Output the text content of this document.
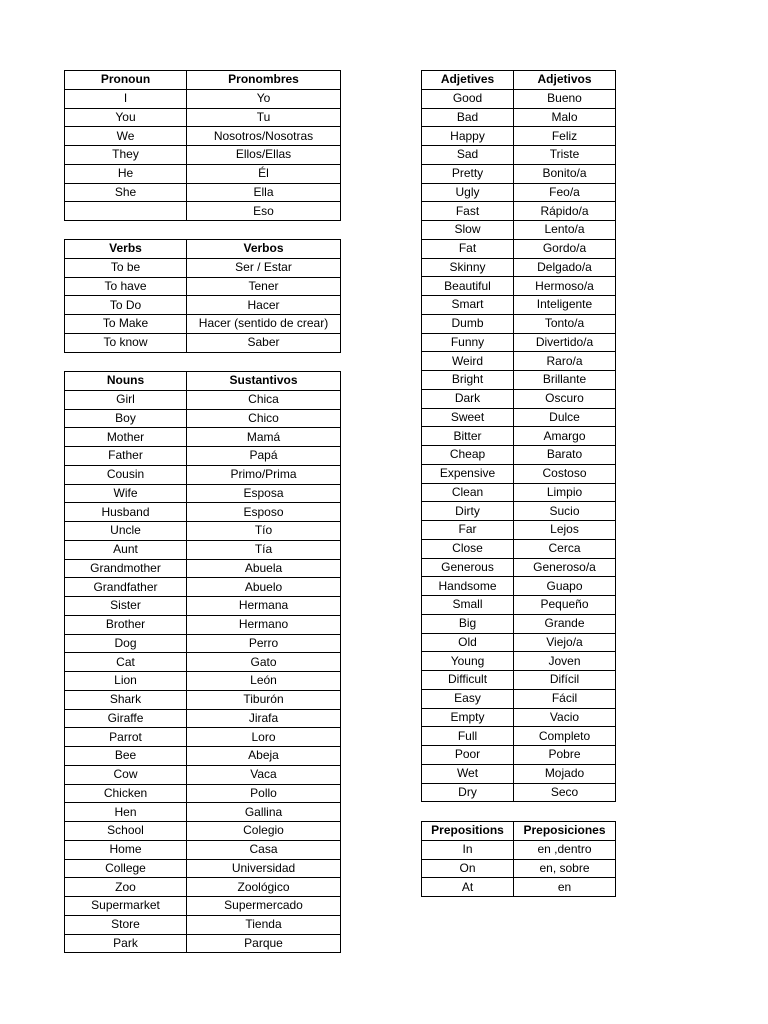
Pronoun	Pronombres
I	Yo
You	Tu
We	Nosotros/Nosotras
They	Ellos/Ellas
He	Él
She	Ella
	Eso
Verbs	Verbos
To be	Ser / Estar
To have	Tener
To Do	Hacer
To Make	Hacer (sentido de crear)
To know	Saber
Nouns	Sustantivos
Girl	Chica
Boy	Chico
Mother	Mamá
Father	Papá
Cousin	Primo/Prima
Wife	Esposa
Husband	Esposo
Uncle	Tío
Aunt	Tía
Grandmother	Abuela
Grandfather	Abuelo
Sister	Hermana
Brother	Hermano
Dog	Perro
Cat	Gato
Lion	León
Shark	Tiburón
Giraffe	Jirafa
Parrot	Loro
Bee	Abeja
Cow	Vaca
Chicken	Pollo
Hen	Gallina
School	Colegio
Home	Casa
College	Universidad
Zoo	Zoológico
Supermarket	Supermercado
Store	Tienda
Park	Parque
Adjetives	Adjetivos
Good	Bueno
Bad	Malo
Happy	Feliz
Sad	Triste
Pretty	Bonito/a
Ugly	Feo/a
Fast	Rápido/a
Slow	Lento/a
Fat	Gordo/a
Skinny	Delgado/a
Beautiful	Hermoso/a
Smart	Inteligente
Dumb	Tonto/a
Funny	Divertido/a
Weird	Raro/a
Bright	Brillante
Dark	Oscuro
Sweet	Dulce
Bitter	Amargo
Cheap	Barato
Expensive	Costoso
Clean	Limpio
Dirty	Sucio
Far	Lejos
Close	Cerca
Generous	Generoso/a
Handsome	Guapo
Small	Pequeño
Big	Grande
Old	Viejo/a
Young	Joven
Difficult	Difícil
Easy	Fácil
Empty	Vacio
Full	Completo
Poor	Pobre
Wet	Mojado
Dry	Seco
Prepositions	Preposiciones
In	en ,dentro
On	en, sobre
At	en
